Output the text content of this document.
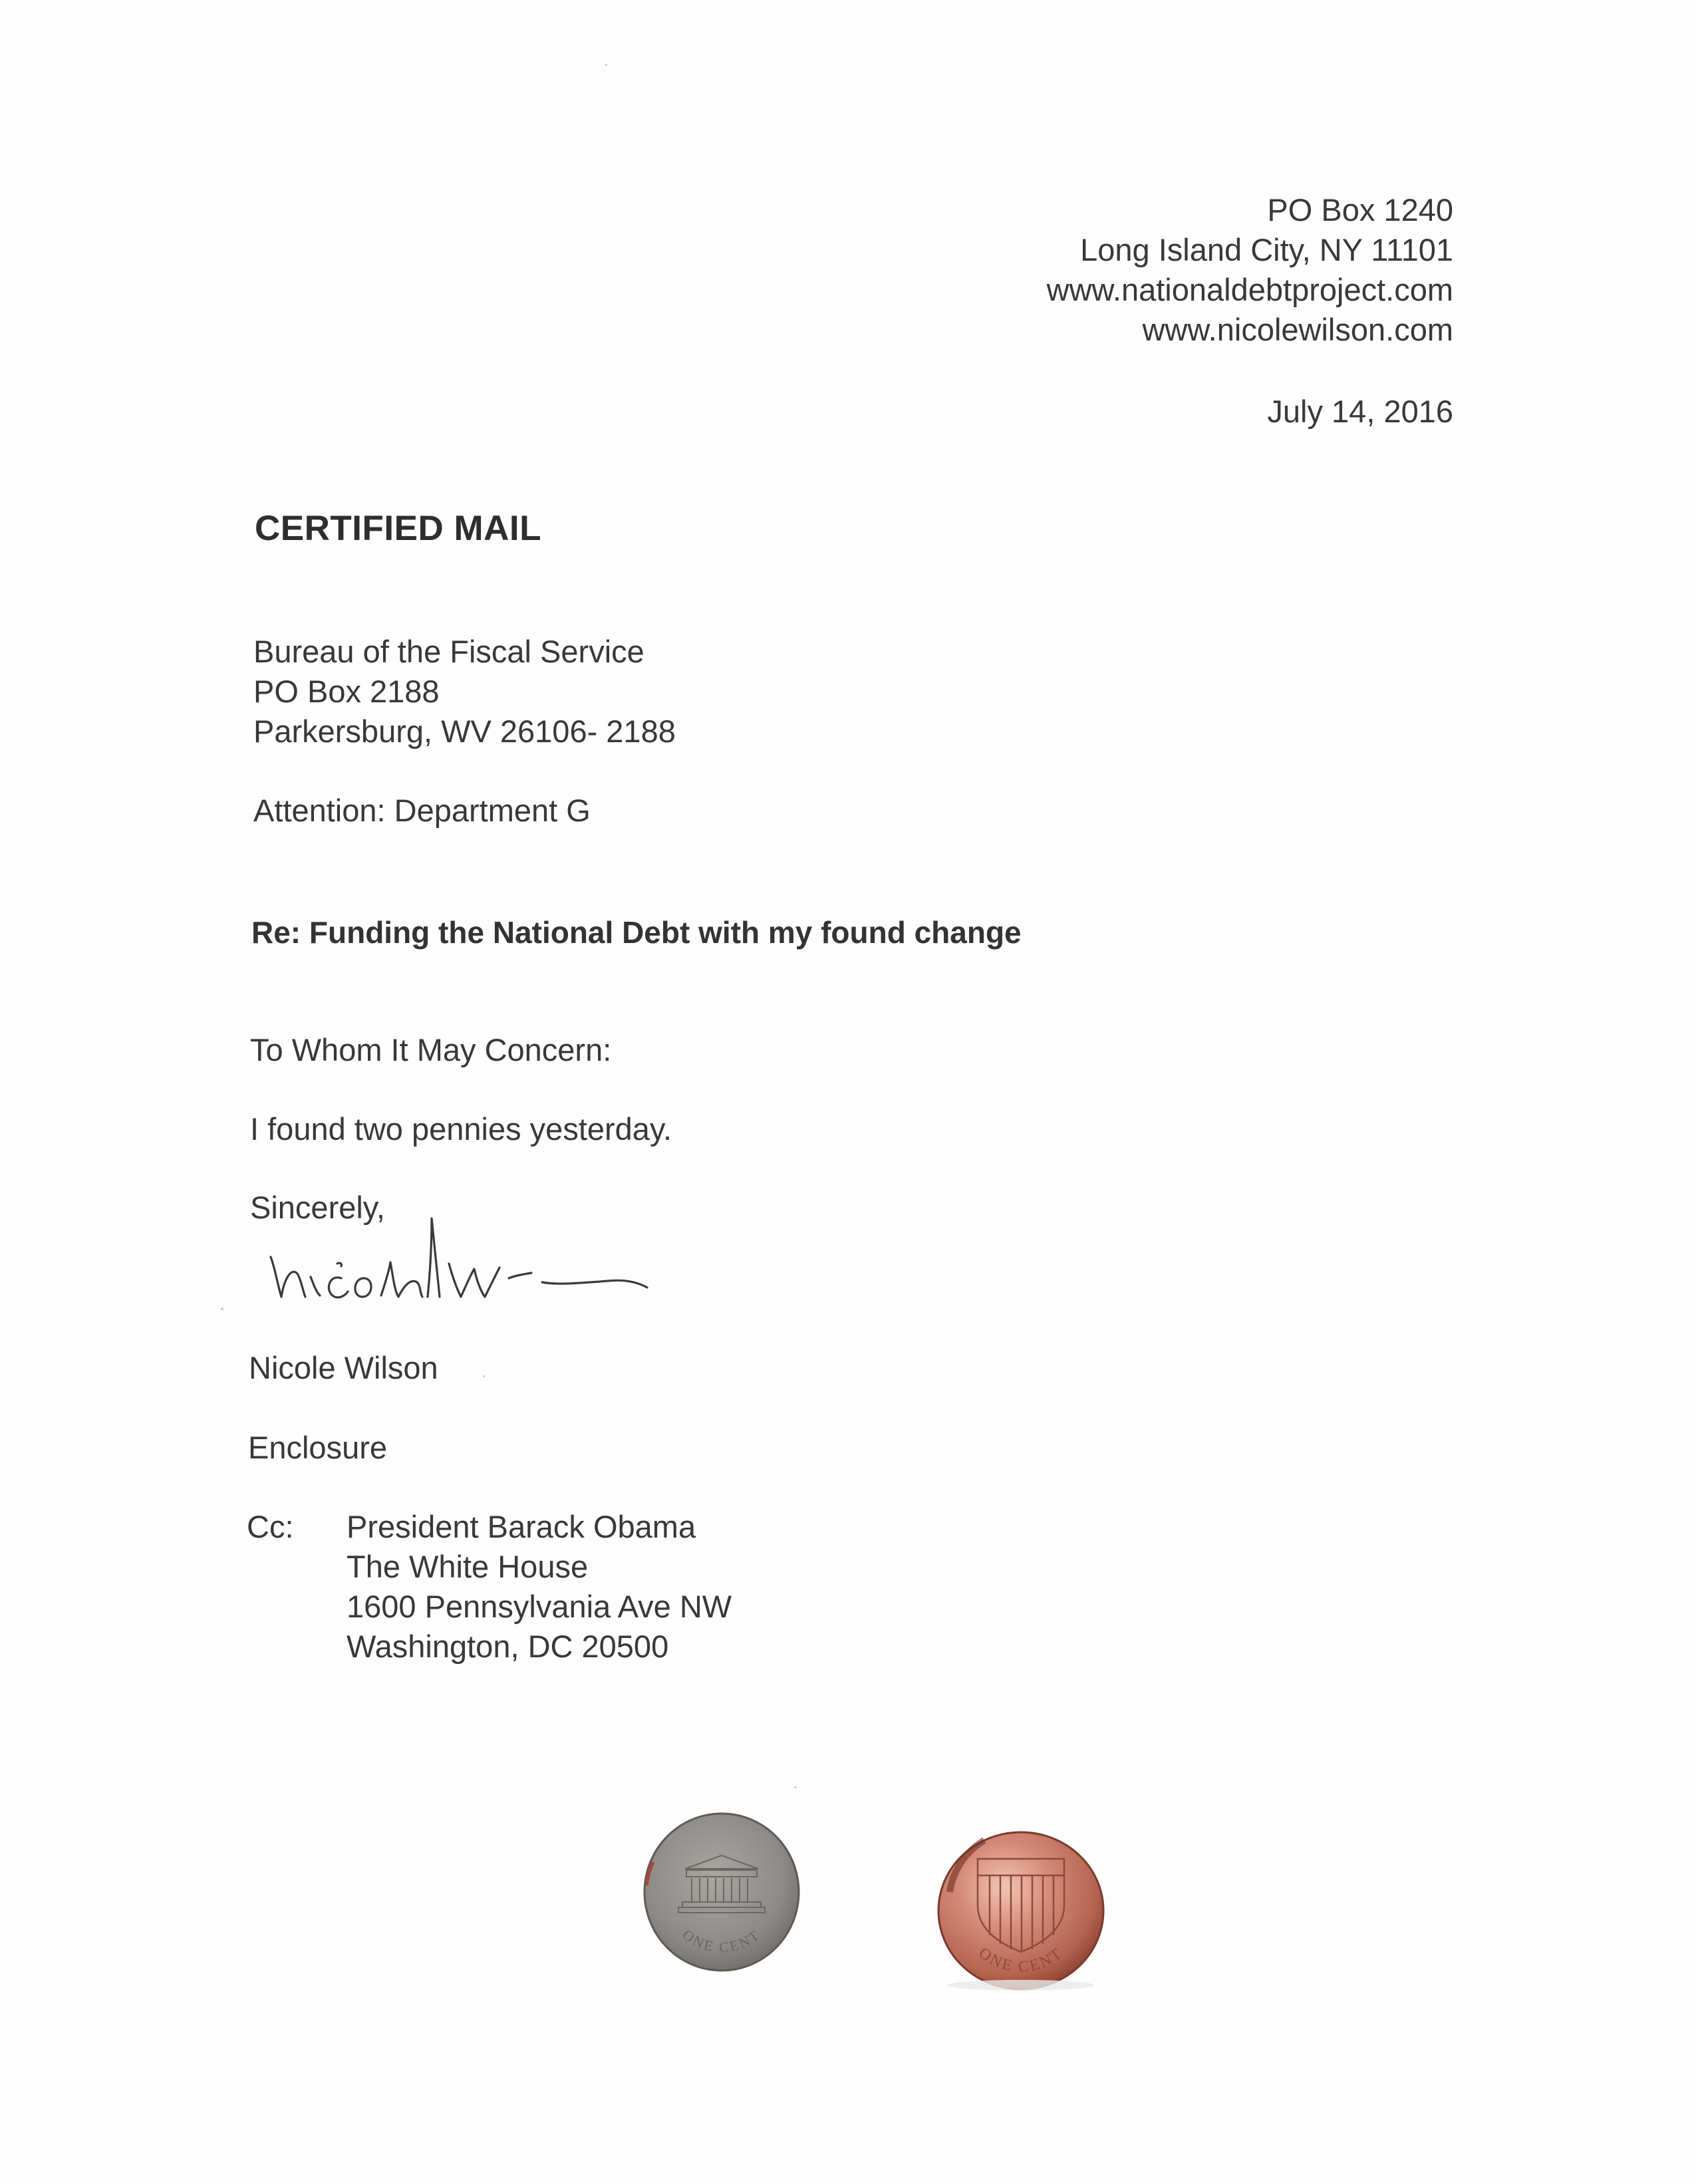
PO Box 1240
Long Island City, NY 11101
www.nationaldebtproject.com
www.nicolewilson.com
July 14, 2016
CERTIFIED MAIL
Bureau of the Fiscal Service
PO Box 2188
Parkersburg, WV 26106- 2188
Attention: Department G
Re: Funding the National Debt with my found change
To Whom It May Concern:
I found two pennies yesterday.
Sincerely,
Nicole Wilson
Enclosure
Cc: President Barack Obama
The White House
1600 Pennsylvania Ave NW
Washington, DC 20500
ONE CENT
ONE CENT
